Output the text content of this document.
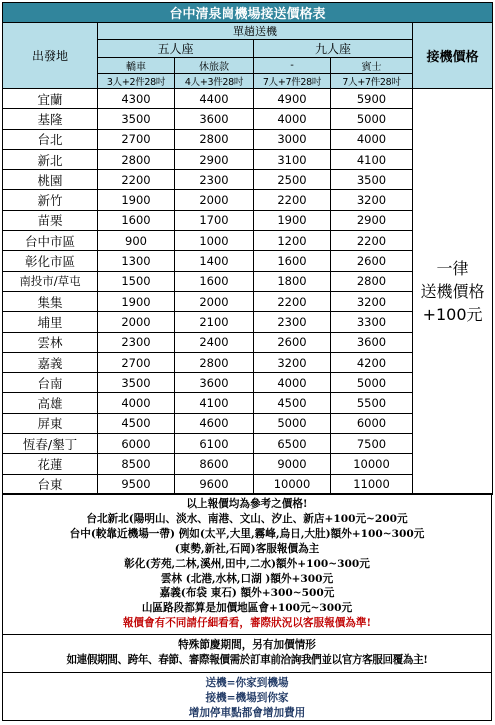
台中清泉崗機場接送價格表					
出發地	單趟送機				接機價格
	五人座		九人座		
	轎車	休旅款	-	賓士	
	3人+2件28吋	4人+3件28吋	7人+7件28吋	7人+7件28吋	
宜蘭	4300	4400	4900	5900	一律
送機價格
+100元

基隆	3500	3600	4000	5000	
台北	2700	2800	3000	4000	
新北	2800	2900	3100	4100	
桃園	2200	2300	2500	3500	
新竹	1900	2000	2200	3200	
苗栗	1600	1700	1900	2900	
台中市區	900	1000	1200	2200	
彰化市區	1300	1400	1600	2600	
南投市/草屯	1500	1600	1800	2800	
集集	1900	2000	2200	3200	
埔里	2000	2100	2300	3300	
雲林	2300	2400	2600	3600	
嘉義	2700	2800	3200	4200	
台南	3500	3600	4000	5000	
高雄	4000	4100	4500	5500	
屏東	4500	4600	5000	6000	
恆春/墾丁	6000	6100	6500	7500	
花蓮	8500	8600	9000	10000	
台東	9500	9600	10000	11000	
以上報價均為參考之價格!
台北新北(陽明山、淡水、南港、文山、汐止、新店+100元~200元
台中(較靠近機場一帶) 例如(太平,大里,霧峰,烏日,大肚)額外+100~300元
(東勢,新社,石岡)客服報價為主
彰化(芳苑,二林,溪州,田中,二水)額外+100~300元
雲林 (北港,水林,口湖 )額外+300元
嘉義(布袋 東石) 額外+300~500元
山區路段都算是加價地區會+100元~300元
報價會有不同請仔細看看，審際狀況以客服報價為準!
特殊節慶期間，另有加價情形
如連假期間、跨年、春節、審際報價需於訂車前洽詢我們並以官方客服回覆為主!
送機=你家到機場
接機=機場到你家
增加停車點都會增加費用
